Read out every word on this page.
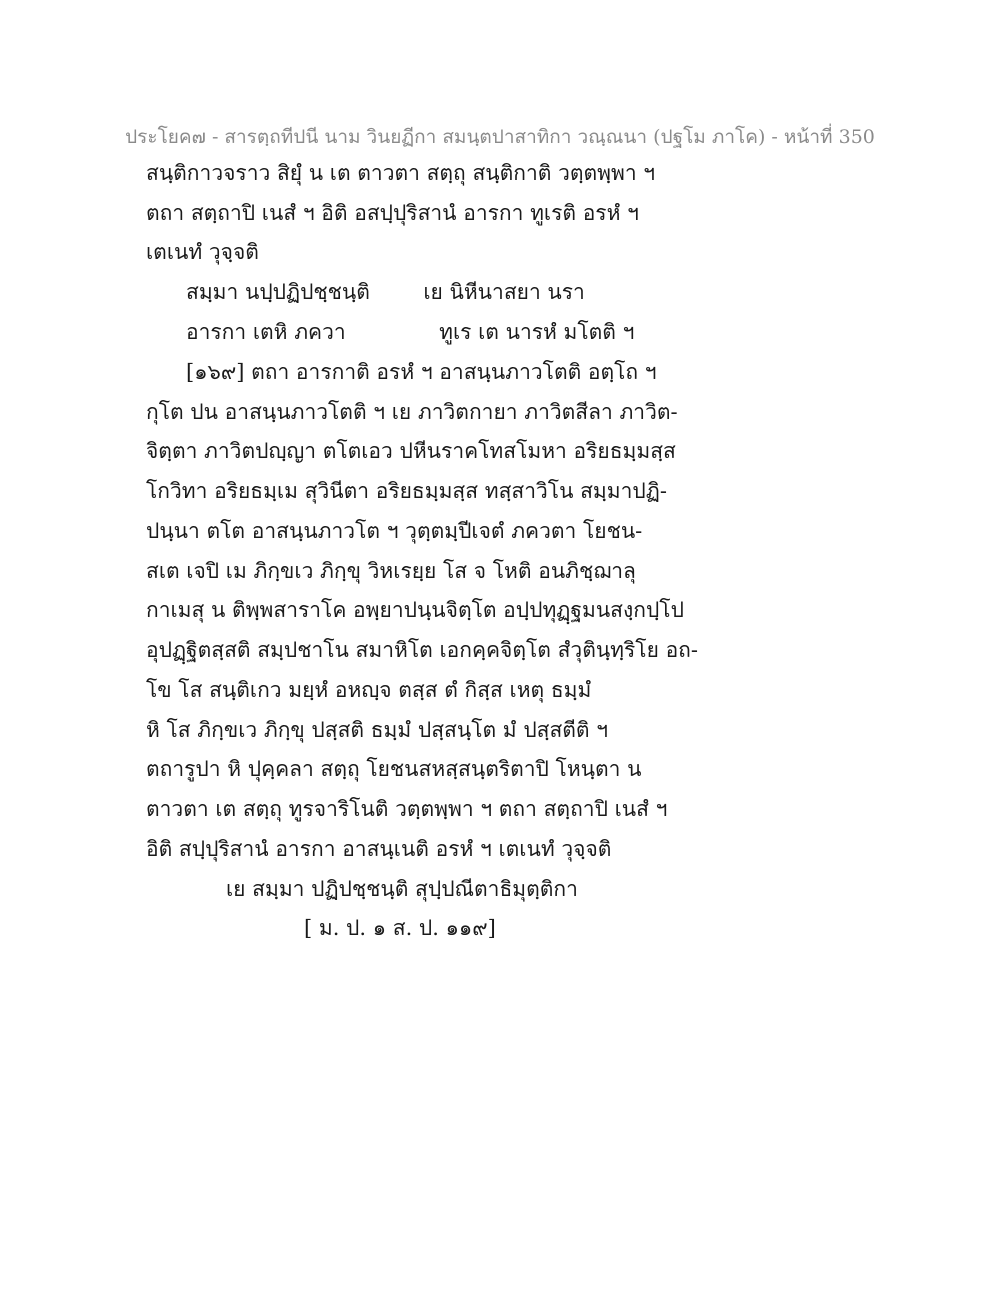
ประโยค๗ - สารตฺถทีปนี นาม วินยฏีกา สมนฺตปาสาทิกา วณฺณนา (ปฐโม ภาโค) - หน้าที่ 350
สนฺติกาวจราว สิยุํ น เต ตาวตา สตฺถุ สนฺติกาติ วตฺตพฺพา ฯ
ตถา สตฺถาปิ เนสํ ฯ อิติ อสปฺปุริสานํ อารกา ทูเรติ อรหํ ฯ
เตเนทํ วุจฺจติ
สมฺมา นปฺปฏิปชฺชนฺติ        เย นิหีนาสยา นรา
อารกา เตหิ ภควา              ทูเร เต นารหํ มโตติ ฯ
[๑๖๙] ตถา อารกาติ อรหํ ฯ อาสนฺนภาวโตติ อตฺโถ ฯ
กุโต ปน อาสนฺนภาวโตติ ฯ เย ภาวิตกายา ภาวิตสีลา ภาวิต-
จิตฺตา ภาวิตปญฺญา ตโตเอว ปหีนราคโทสโมหา อริยธมฺมสฺส
โกวิทา อริยธมฺเม สุวินีตา อริยธมฺมสฺส ทสฺสาวิโน สมฺมาปฏิ-
ปนฺนา ตโต อาสนฺนภาวโต ฯ วุตฺตมฺปีเจตํ ภควตา โยชน-
สเต เจปิ เม ภิกฺขเว ภิกฺขุ วิหเรยฺย โส จ โหติ อนภิชฺฌาลุ
กาเมสุ น ติพฺพสาราโค อพฺยาปนฺนจิตฺโต อปฺปทุฏฺฐมนสงฺกปฺโป
อุปฏฺฐิตสฺสติ สมฺปชาโน สมาหิโต เอกคฺคจิตฺโต สํวุตินฺทฺริโย อถ-
โข โส สนฺติเกว มยฺหํ อหญฺจ ตสฺส ตํ กิสฺส เหตุ ธมฺมํ
หิ โส ภิกฺขเว ภิกฺขุ ปสฺสติ ธมฺมํ ปสฺสนฺโต มํ ปสฺสตีติ ฯ
ตถารูปา หิ ปุคฺคลา สตฺถุ โยชนสหสฺสนฺตริตาปิ โหนฺตา น
ตาวตา เต สตฺถุ ทูรจาริโนติ วตฺตพฺพา ฯ ตถา สตฺถาปิ เนสํ ฯ
อิติ สปฺปุริสานํ อารกา อาสนฺเนติ อรหํ ฯ เตเนทํ วุจฺจติ
เย สมฺมา ปฏิปชฺชนฺติ สุปฺปณีตาธิมุตฺติกา
[ ม. ป. ๑ ส. ป. ๑๑๙]
